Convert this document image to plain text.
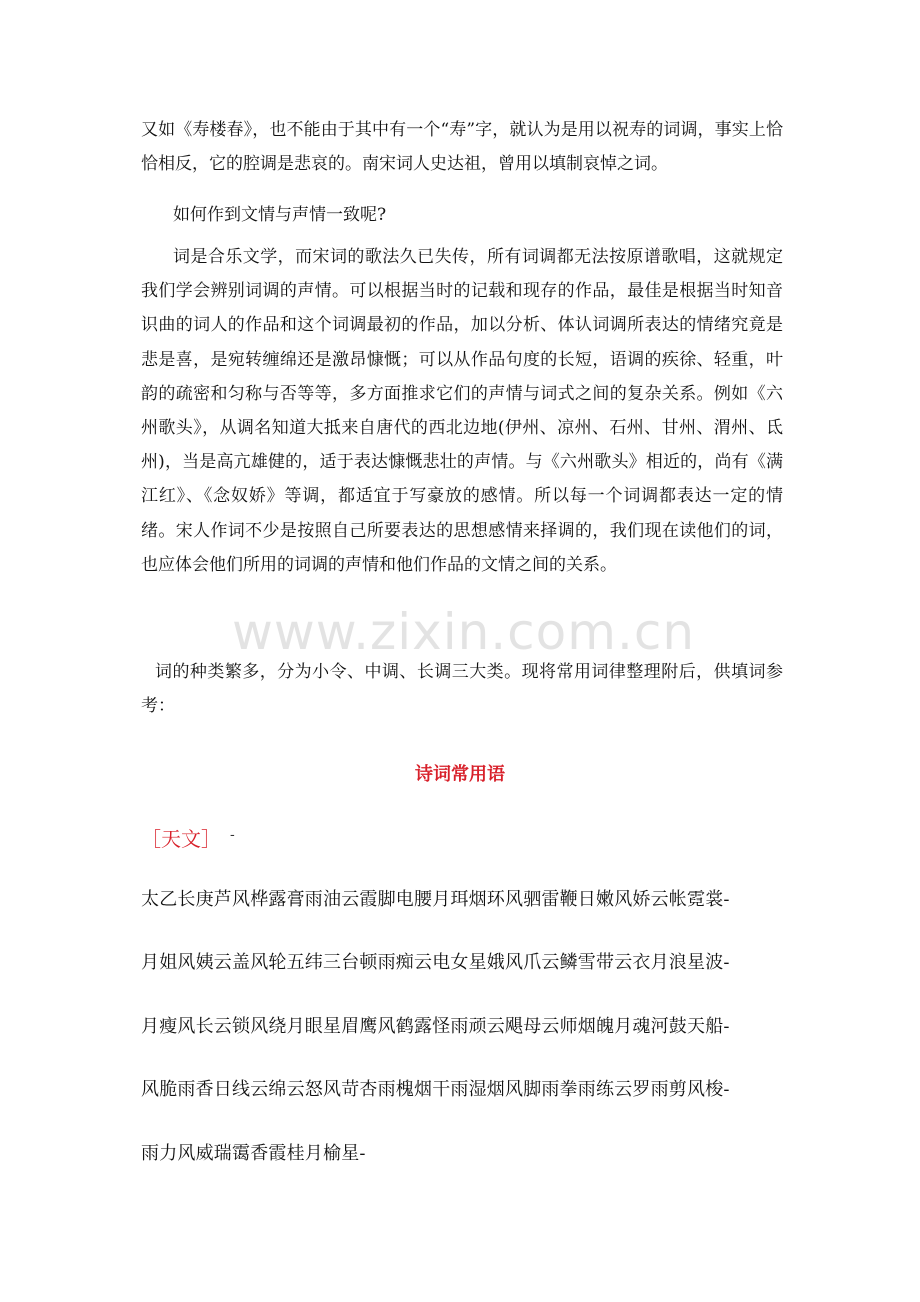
又如《寿楼春》，也不能由于其中有一个“寿”字，就认为是用以祝寿的词调，事实上恰恰相反，它的腔调是悲哀的。南宋词人史达祖，曾用以填制哀悼之词。

如何作到文情与声情一致呢?

词是合乐文学，而宋词的歌法久已失传，所有词调都无法按原谱歌唱，这就规定我们学会辨别词调的声情。可以根据当时的记载和现存的作品，最佳是根据当时知音识曲的词人的作品和这个词调最初的作品，加以分析、体认词调所表达的情绪究竟是悲是喜，是宛转缠绵还是激昂慷慨；可以从作品句度的长短，语调的疾徐、轻重，叶韵的疏密和匀称与否等等，多方面推求它们的声情与词式之间的复杂关系。例如《六州歌头》，从调名知道大抵来自唐代的西北边地(伊州、凉州、石州、甘州、渭州、氐州)，当是高亢雄健的，适于表达慷慨悲壮的声情。与《六州歌头》相近的，尚有《满江红》、《念奴娇》等调，都适宜于写豪放的感情。所以每一个词调都表达一定的情绪。宋人作词不少是按照自己所要表达的思想感情来择调的，我们现在读他们的词，也应体会他们所用的词调的声情和他们作品的文情之间的关系。

www.zixin.com.cn

词的种类繁多，分为小令、中调、长调三大类。现将常用词律整理附后，供填词参考：

诗词常用语
［天文］ -
太乙长庚芦风桦露膏雨油云霞脚电腰月珥烟环风驷雷鞭日嫩风娇云帐霓裳-
月姐风姨云盖风轮五纬三台顿雨痴云电女星娥风爪云鳞雪带云衣月浪星波-
月瘦风长云锁风绕月眼星眉鹰风鹤露怪雨顽云飓母云师烟魄月魂河鼓天船-
风脆雨香日线云绵云怒风苛杏雨槐烟干雨湿烟风脚雨拳雨练云罗雨剪风梭-
雨力风威瑞霭香霞桂月榆星-
